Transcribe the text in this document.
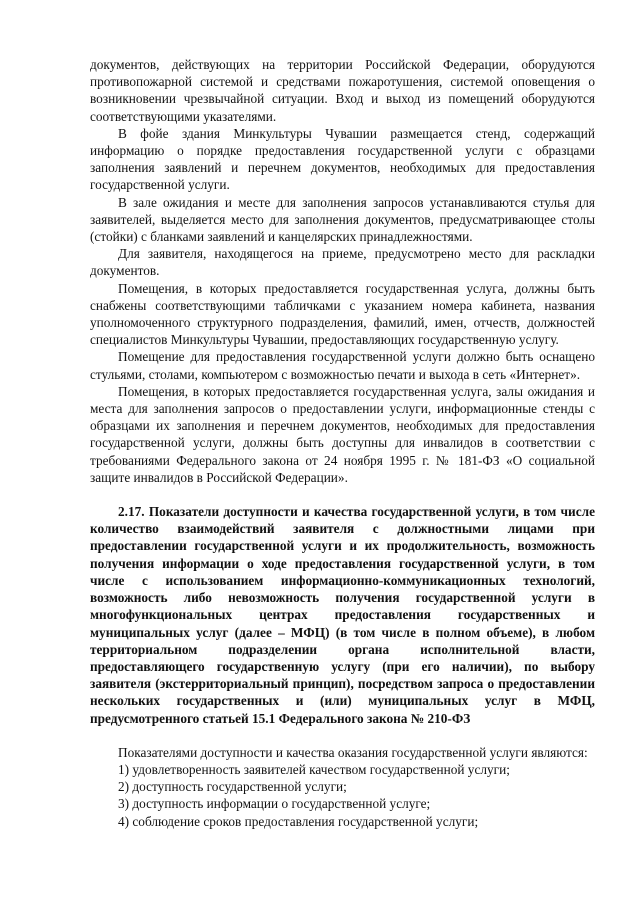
документов, действующих на территории Российской Федерации, оборудуются противопожарной системой и средствами пожаротушения, системой оповещения о возникновении чрезвычайной ситуации. Вход и выход из помещений оборудуются соответствующими указателями.

В фойе здания Минкультуры Чувашии размещается стенд, содержащий информацию о порядке предоставления государственной услуги с образцами заполнения заявлений и перечнем документов, необходимых для предоставления государственной услуги.

В зале ожидания и месте для заполнения запросов устанавливаются стулья для заявителей, выделяется место для заполнения документов, предусматривающее столы (стойки) с бланками заявлений и канцелярских принадлежностями.

Для заявителя, находящегося на приеме, предусмотрено место для раскладки документов.

Помещения, в которых предоставляется государственная услуга, должны быть снабжены соответствующими табличками с указанием номера кабинета, названия уполномоченного структурного подразделения, фамилий, имен, отчеств, должностей специалистов Минкультуры Чувашии, предоставляющих государственную услугу.

Помещение для предоставления государственной услуги должно быть оснащено стульями, столами, компьютером с возможностью печати и выхода в сеть «Интернет».

Помещения, в которых предоставляется государственная услуга, залы ожидания и места для заполнения запросов о предоставлении услуги, информационные стенды с образцами их заполнения и перечнем документов, необходимых для предоставления государственной услуги, должны быть доступны для инвалидов в соответствии с требованиями Федерального закона от 24 ноября 1995 г. № 181-ФЗ «О социальной защите инвалидов в Российской Федерации».

2.17. Показатели доступности и качества государственной услуги, в том числе количество взаимодействий заявителя с должностными лицами при предоставлении государственной услуги и их продолжительность, возможность получения информации о ходе предоставления государственной услуги, в том числе с использованием информационно-коммуникационных технологий, возможность либо невозможность получения государственной услуги в многофункциональных центрах предоставления государственных и муниципальных услуг (далее – МФЦ) (в том числе в полном объеме), в любом территориальном подразделении органа исполнительной власти, предоставляющего государственную услугу (при его наличии), по выбору заявителя (экстерриториальный принцип), посредством запроса о предоставлении нескольких государственных и (или) муниципальных услуг в МФЦ, предусмотренного статьей 15.1 Федерального закона № 210-ФЗ

Показателями доступности и качества оказания государственной услуги являются:

1) удовлетворенность заявителей качеством государственной услуги;

2) доступность государственной услуги;

3) доступность информации о государственной услуге;

4) соблюдение сроков предоставления государственной услуги;
